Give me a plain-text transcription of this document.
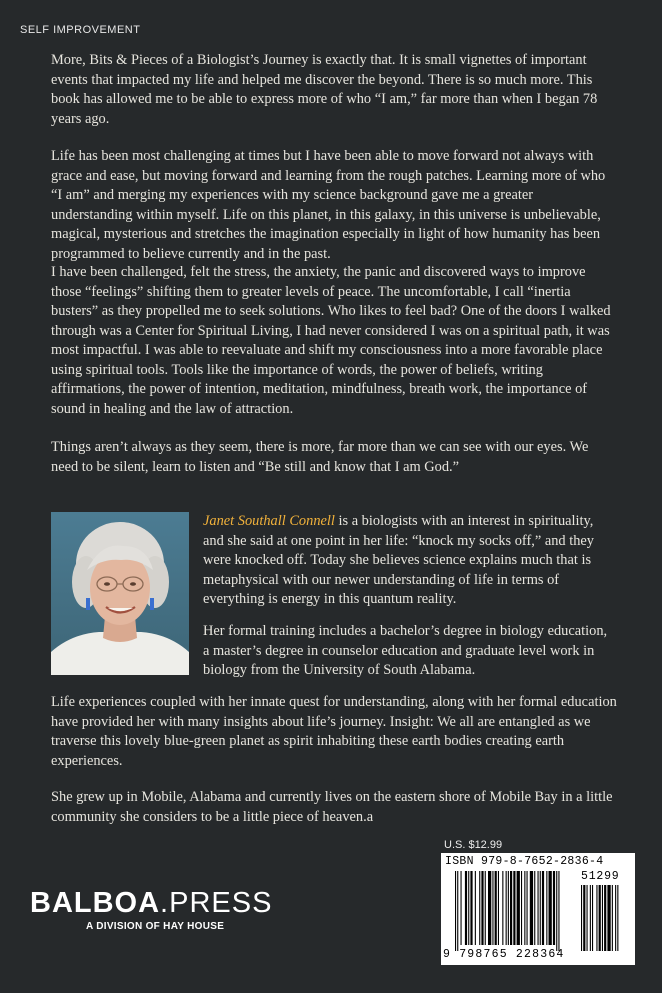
SELF IMPROVEMENT

More, Bits & Pieces of a Biologist’s Journey is exactly that. It is small vignettes of important events that impacted my life and helped me discover the beyond. There is so much more. This book has allowed me to be able to express more of who “I am,” far more than when I began 78 years ago.

Life has been most challenging at times but I have been able to move forward not always with grace and ease, but moving forward and learning from the rough patches. Learning more of who “I am” and merging my experiences with my science background gave me a greater understanding within myself. Life on this planet, in this galaxy, in this universe is unbelievable, magical, mysterious and stretches the imagination especially in light of how humanity has been programmed to believe currently and in the past.

I have been challenged, felt the stress, the anxiety, the panic and discovered ways to improve those “feelings” shifting them to greater levels of peace. The uncomfortable, I call “inertia busters” as they propelled me to seek solutions. Who likes to feel bad? One of the doors I walked through was a Center for Spiritual Living, I had never considered I was on a spiritual path, it was most impactful. I was able to reevaluate and shift my consciousness into a more favorable place using spiritual tools. Tools like the importance of words, the power of beliefs, writing affirmations, the power of intention, meditation, mindfulness, breath work, the importance of sound in healing and the law of attraction.

Things aren’t always as they seem, there is more, far more than we can see with our eyes. We need to be silent, learn to listen and “Be still and know that I am God.”

Janet Southall Connell is a biologists with an interest in spirituality, and she said at one point in her life: “knock my socks off,” and they were knocked off. Today she believes science explains much that is metaphysical with our newer understanding of life in terms of everything is energy in this quantum reality.

Her formal training includes a bachelor’s degree in biology education, a master’s degree in counselor education and graduate level work in biology from the University of South Alabama.

Life experiences coupled with her innate quest for understanding, along with her formal education have provided her with many insights about life’s journey. Insight: We all are entangled as we traverse this lovely blue-green planet as spirit inhabiting these earth bodies creating earth experiences.

She grew up in Mobile, Alabama and currently lives on the eastern shore of Mobile Bay in a little community she considers to be a little piece of heaven.a

BALBOA.PRESS
A DIVISION OF HAY HOUSE
U.S. $12.99
ISBN 979-8-7652-2836-4
51299
9 798765 228364
